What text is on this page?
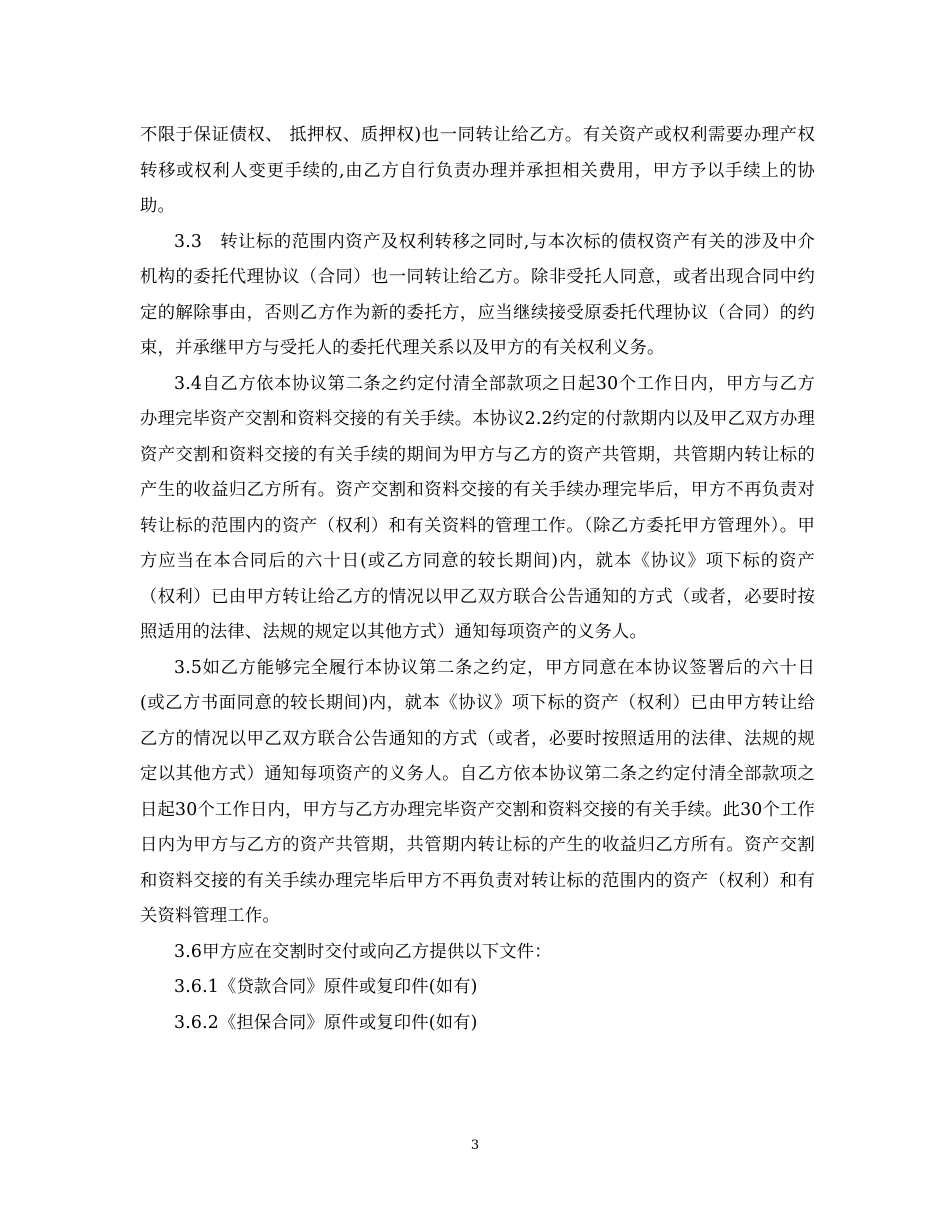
不限于保证债权、 抵押权、质押权)也一同转让给乙方。有关资产或权利需要办理产权转移或权利人变更手续的,由乙方自行负责办理并承担相关费用，甲方予以手续上的协助。

3.3　转让标的范围内资产及权利转移之同时,与本次标的债权资产有关的涉及中介机构的委托代理协议（合同）也一同转让给乙方。除非受托人同意，或者出现合同中约定的解除事由，否则乙方作为新的委托方，应当继续接受原委托代理协议（合同）的约束，并承继甲方与受托人的委托代理关系以及甲方的有关权利义务。

3.4自乙方依本协议第二条之约定付清全部款项之日起30个工作日内，甲方与乙方办理完毕资产交割和资料交接的有关手续。本协议2.2约定的付款期内以及甲乙双方办理资产交割和资料交接的有关手续的期间为甲方与乙方的资产共管期，共管期内转让标的产生的收益归乙方所有。资产交割和资料交接的有关手续办理完毕后，甲方不再负责对转让标的范围内的资产（权利）和有关资料的管理工作。（除乙方委托甲方管理外）。甲方应当在本合同后的六十日(或乙方同意的较长期间)内，就本《协议》项下标的资产（权利）已由甲方转让给乙方的情况以甲乙双方联合公告通知的方式（或者，必要时按照适用的法律、法规的规定以其他方式）通知每项资产的义务人。

3.5如乙方能够完全履行本协议第二条之约定，甲方同意在本协议签署后的六十日(或乙方书面同意的较长期间)内，就本《协议》项下标的资产（权利）已由甲方转让给乙方的情况以甲乙双方联合公告通知的方式（或者，必要时按照适用的法律、法规的规定以其他方式）通知每项资产的义务人。自乙方依本协议第二条之约定付清全部款项之日起30个工作日内，甲方与乙方办理完毕资产交割和资料交接的有关手续。此30个工作日内为甲方与乙方的资产共管期，共管期内转让标的产生的收益归乙方所有。资产交割和资料交接的有关手续办理完毕后甲方不再负责对转让标的范围内的资产（权利）和有关资料管理工作。

3.6甲方应在交割时交付或向乙方提供以下文件：

3.6.1《贷款合同》原件或复印件(如有)

3.6.2《担保合同》原件或复印件(如有)

3
